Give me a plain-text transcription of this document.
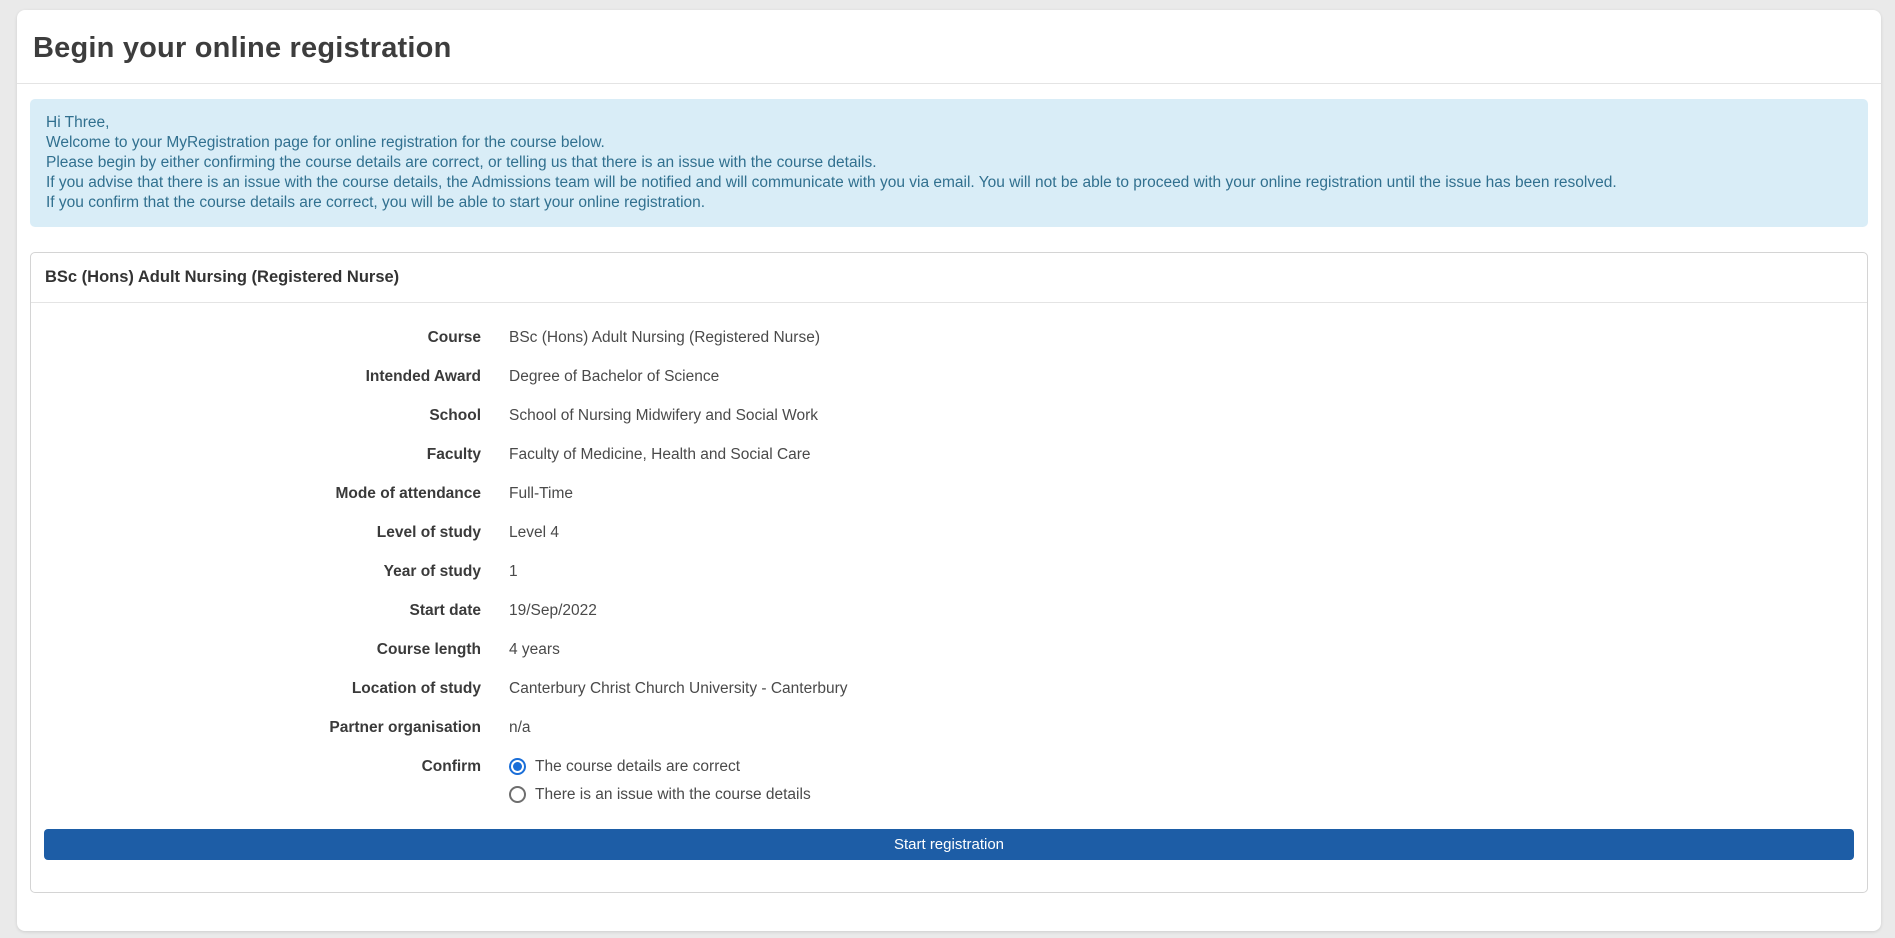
Begin your online registration
Hi Three,
Welcome to your MyRegistration page for online registration for the course below.
Please begin by either confirming the course details are correct, or telling us that there is an issue with the course details.
If you advise that there is an issue with the course details, the Admissions team will be notified and will communicate with you via email. You will not be able to proceed with your online registration until the issue has been resolved.
If you confirm that the course details are correct, you will be able to start your online registration.
BSc (Hons) Adult Nursing (Registered Nurse)
Course BSc (Hons) Adult Nursing (Registered Nurse)
Intended Award Degree of Bachelor of Science
School School of Nursing Midwifery and Social Work
Faculty Faculty of Medicine, Health and Social Care
Mode of attendance Full-Time
Level of study Level 4
Year of study 1
Start date 19/Sep/2022
Course length 4 years
Location of study Canterbury Christ Church University - Canterbury
Partner organisation n/a
Confirm	The course details are correct
There is an issue with the course details
Start registration
